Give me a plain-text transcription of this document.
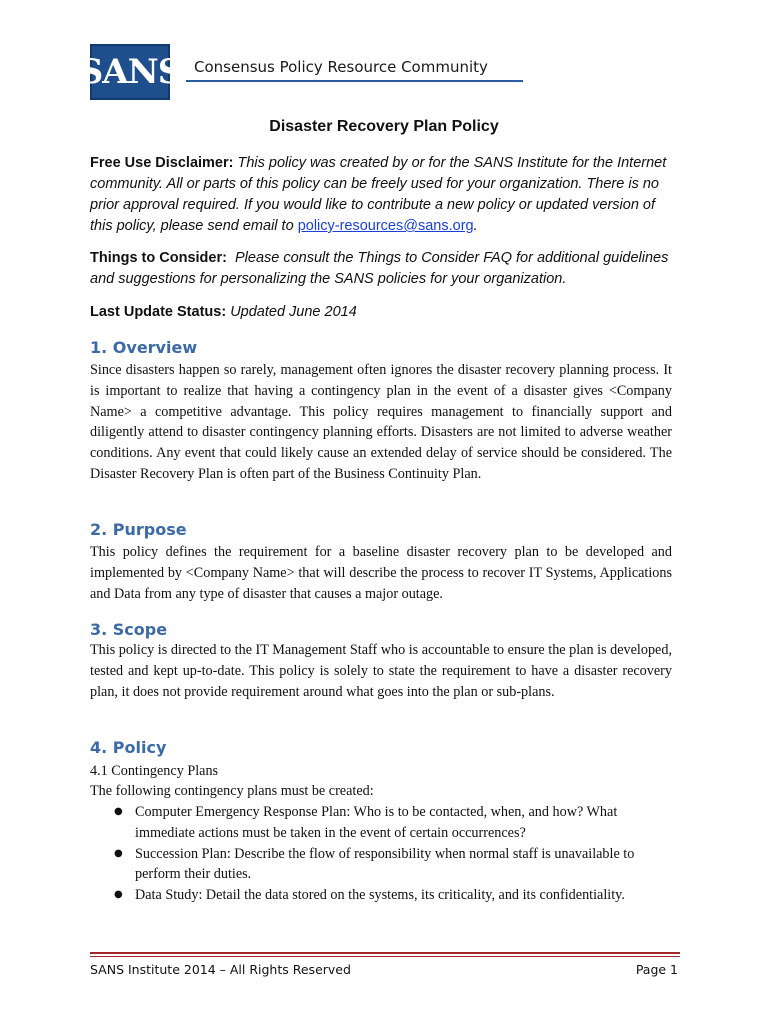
SANS Consensus Policy Resource Community
Disaster Recovery Plan Policy
Free Use Disclaimer: This policy was created by or for the SANS Institute for the Internet community. All or parts of this policy can be freely used for your organization. There is no prior approval required. If you would like to contribute a new policy or updated version of this policy, please send email to policy-resources@sans.org.
Things to Consider: Please consult the Things to Consider FAQ for additional guidelines and suggestions for personalizing the SANS policies for your organization.
Last Update Status: Updated June 2014
1. Overview
Since disasters happen so rarely, management often ignores the disaster recovery planning process. It is important to realize that having a contingency plan in the event of a disaster gives <Company Name> a competitive advantage. This policy requires management to financially support and diligently attend to disaster contingency planning efforts. Disasters are not limited to adverse weather conditions. Any event that could likely cause an extended delay of service should be considered. The Disaster Recovery Plan is often part of the Business Continuity Plan.
2. Purpose
This policy defines the requirement for a baseline disaster recovery plan to be developed and implemented by <Company Name> that will describe the process to recover IT Systems, Applications and Data from any type of disaster that causes a major outage.
3. Scope
This policy is directed to the IT Management Staff who is accountable to ensure the plan is developed, tested and kept up-to-date. This policy is solely to state the requirement to have a disaster recovery plan, it does not provide requirement around what goes into the plan or sub-plans.
4. Policy
4.1 Contingency Plans
The following contingency plans must be created:
● Computer Emergency Response Plan: Who is to be contacted, when, and how? What immediate actions must be taken in the event of certain occurrences?
● Succession Plan: Describe the flow of responsibility when normal staff is unavailable to perform their duties.
● Data Study: Detail the data stored on the systems, its criticality, and its confidentiality.
SANS Institute 2014 – All Rights Reserved	Page 1
